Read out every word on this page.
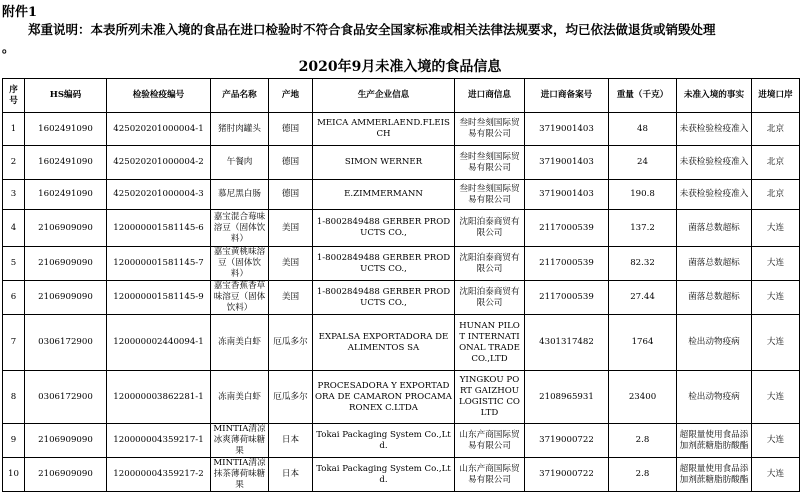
附件1
郑重说明：本表所列未准入境的食品在进口检验时不符合食品安全国家标准或相关法律法规要求，均已依法做退货或销毁处理
。
2020年9月未准入境的食品信息
序号	HS编码	检验检疫编号	产品名称	产地	生产企业信息	进口商信息	进口商备案号	重量（千克）	未准入境的事实	进境口岸
1	1602491090	425020201000004-1	猪肘肉罐头	德国	MEICA AMMERLAEND.FLEISCH	叁时叁刻国际贸易有限公司	3719001403	48	未获检验检疫准入	北京
2	1602491090	425020201000004-2	午餐肉	德国	SIMON WERNER	叁时叁刻国际贸易有限公司	3719001403	24	未获检验检疫准入	北京
3	1602491090	425020201000004-3	慕尼黑白肠	德国	E.ZIMMERMANN	叁时叁刻国际贸易有限公司	3719001403	190.8	未获检验检疫准入	北京
4	2106909090	120000001581145-6	嘉宝混合莓味溶豆（固体饮料）	美国	1-8002849488 GERBER PRODUCTS CO.,	沈阳泊泰商贸有限公司	2117000539	137.2	菌落总数超标	大连
5	2106909090	120000001581145-7	嘉宝黄桃味溶豆（固体饮料）	美国	1-8002849488 GERBER PRODUCTS CO.,	沈阳泊泰商贸有限公司	2117000539	82.32	菌落总数超标	大连
6	2106909090	120000001581145-9	嘉宝香蕉香草味溶豆（固体饮料）	美国	1-8002849488 GERBER PRODUCTS CO.,	沈阳泊泰商贸有限公司	2117000539	27.44	菌落总数超标	大连
7	0306172900	120000002440094-1	冻南美白虾	厄瓜多尔	EXPALSA EXPORTADORA DE ALIMENTOS SA	HUNAN PILOT INTERNATIONAL TRADE CO.,LTD	4301317482	1764	检出动物疫病	大连
8	0306172900	120000003862281-1	冻南美白虾	厄瓜多尔	PROCESADORA Y EXPORTADORA DE CAMARON PROCAMARONEX C.LTDA	YINGKOU PORT GAIZHOU LOGISTIC CO LTD	2108965931	23400	检出动物疫病	大连
9	2106909090	120000004359217-1	MINTIA清凉冰爽薄荷味糖果	日本	Tokai Packaging System Co.,Ltd.	山东产商国际贸易有限公司	3719000722	2.8	超限量使用食品添加剂蔗糖脂肪酸酯	大连
10	2106909090	120000004359217-2	MINTIA清凉抹茶薄荷味糖果	日本	Tokai Packaging System Co.,Ltd.	山东产商国际贸易有限公司	3719000722	2.8	超限量使用食品添加剂蔗糖脂肪酸酯	大连
